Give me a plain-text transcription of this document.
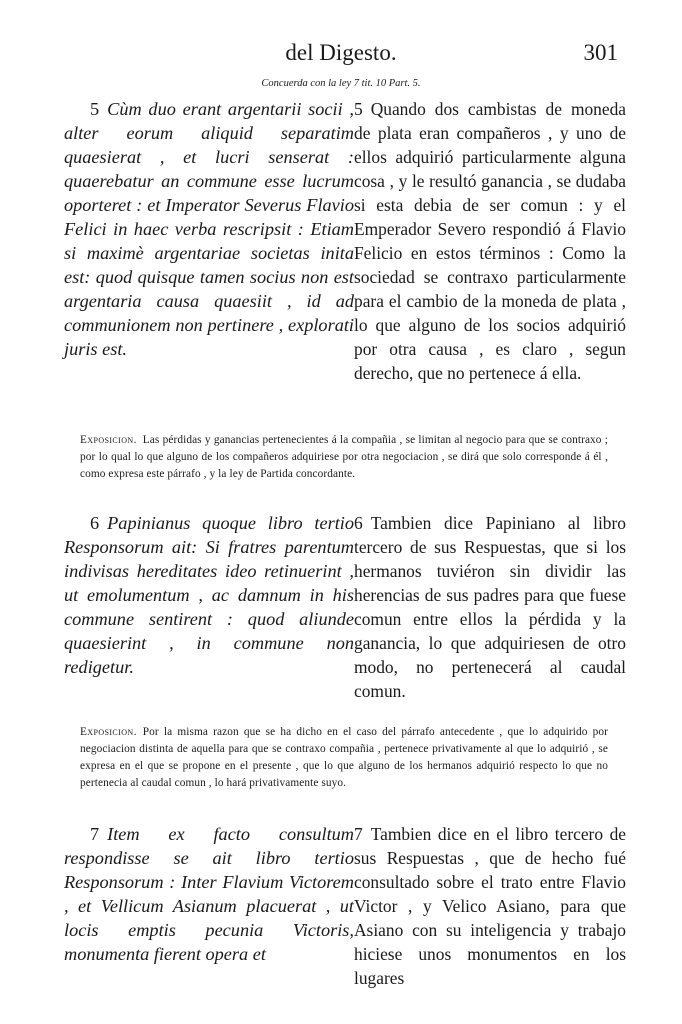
del Digesto.	301
Concuerda con la ley 7 tit. 10 Part. 5.

5 Cùm duo erant argentarii socii , alter eorum aliquid separatim quaesierat , et lucri senserat : quaerebatur an commune esse lucrum oporteret : et Imperator Severus Flavio Felici in haec verba rescripsit : Etiam si maximè argentariae societas inita est: quod quisque tamen socius non est argentaria causa quaesiit , id ad communionem non pertinere , explorati juris est.

5 Quando dos cambistas de moneda de plata eran compañeros , y uno de ellos adquirió particularmente alguna cosa , y le resultó ganancia , se dudaba si esta debia de ser comun : y el Emperador Severo respondió á Flavio Felicio en estos términos : Como la sociedad se contraxo particularmente para el cambio de la moneda de plata , lo que alguno de los socios adquirió por otra causa , es claro , segun derecho, que no pertenece á ella.

Exposicion. Las pérdidas y ganancias pertenecientes á la compañia , se limitan al negocio para que se contraxo ; por lo qual lo que alguno de los compañeros adquiriese por otra negociacion , se dirá que solo corresponde á él , como expresa este párrafo , y la ley de Partida concordante.

6 Papinianus quoque libro tertio Responsorum ait: Si fratres parentum indivisas hereditates ideo retinuerint , ut emolumentum , ac damnum in his commune sentirent : quod aliunde quaesierint , in commune non redigetur.

6 Tambien dice Papiniano al libro tercero de sus Respuestas, que si los hermanos tuviéron sin dividir las herencias de sus padres para que fuese comun entre ellos la pérdida y la ganancia, lo que adquiriesen de otro modo, no pertenecerá al caudal comun.

Exposicion. Por la misma razon que se ha dicho en el caso del párrafo antecedente , que lo adquirido por negociacion distinta de aquella para que se contraxo compañia , pertenece privativamente al que lo adquirió , se expresa en el que se propone en el presente , que lo que alguno de los hermanos adquirió respecto lo que no pertenecia al caudal comun , lo hará privativamente suyo.

7 Item ex facto consultum respondisse se ait libro tertio Responsorum : Inter Flavium Victorem , et Vellicum Asianum placuerat , ut locis emptis pecunia Victoris, monumenta fierent opera et

7 Tambien dice en el libro tercero de sus Respuestas , que de hecho fué consultado sobre el trato entre Flavio Victor , y Velico Asiano, para que Asiano con su inteligencia y trabajo hiciese unos monumentos en los lugares
